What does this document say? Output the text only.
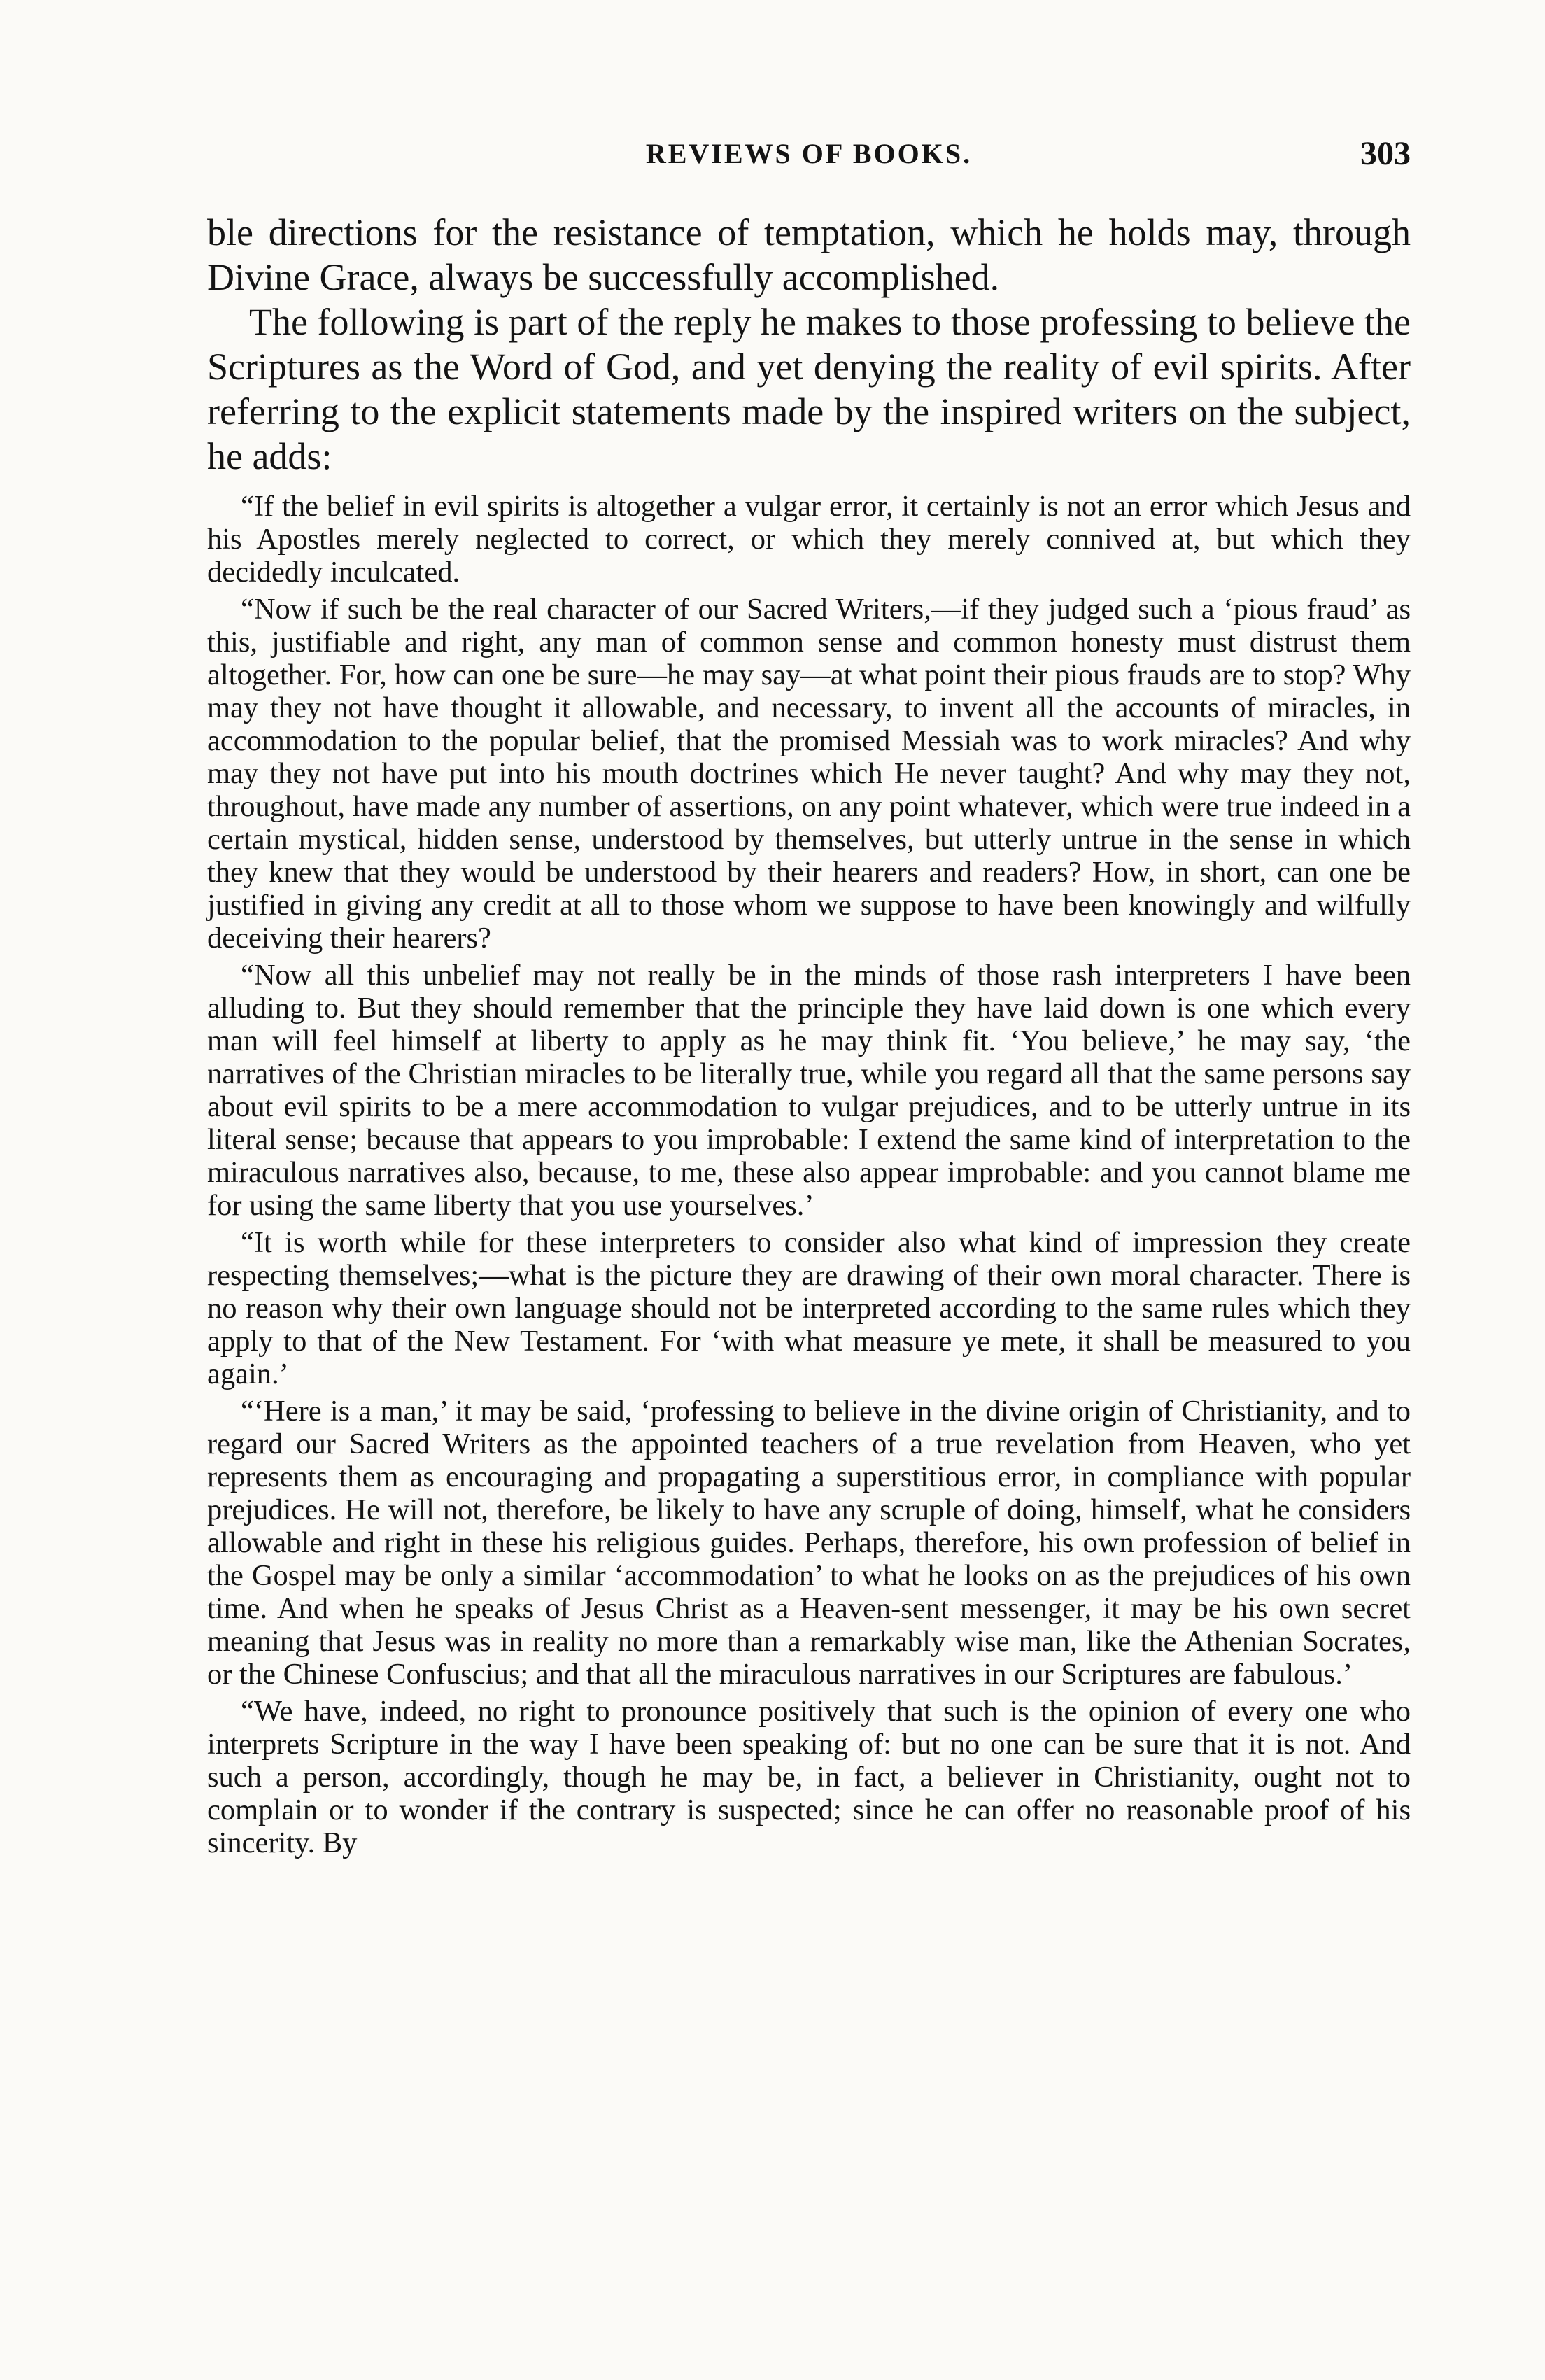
REVIEWS OF BOOKS.	303

ble directions for the resistance of temptation, which he holds may, through Divine Grace, always be successfully accomplished.

The following is part of the reply he makes to those professing to believe the Scriptures as the Word of God, and yet denying the reality of evil spirits. After referring to the explicit statements made by the inspired writers on the subject, he adds:

“If the belief in evil spirits is altogether a vulgar error, it certainly is not an error which Jesus and his Apostles merely neglected to correct, or which they merely connived at, but which they decidedly inculcated.

“Now if such be the real character of our Sacred Writers,—if they judged such a ‘pious fraud’ as this, justifiable and right, any man of common sense and common honesty must distrust them altogether. For, how can one be sure—he may say—at what point their pious frauds are to stop? Why may they not have thought it allowable, and necessary, to invent all the accounts of miracles, in accommodation to the popular belief, that the promised Messiah was to work miracles? And why may they not have put into his mouth doctrines which He never taught? And why may they not, throughout, have made any number of assertions, on any point whatever, which were true indeed in a certain mystical, hidden sense, understood by themselves, but utterly untrue in the sense in which they knew that they would be understood by their hearers and readers? How, in short, can one be justified in giving any credit at all to those whom we suppose to have been knowingly and wilfully deceiving their hearers?

“Now all this unbelief may not really be in the minds of those rash interpreters I have been alluding to. But they should remember that the principle they have laid down is one which every man will feel himself at liberty to apply as he may think fit. ‘You believe,’ he may say, ‘the narratives of the Christian miracles to be literally true, while you regard all that the same persons say about evil spirits to be a mere accommodation to vulgar prejudices, and to be utterly untrue in its literal sense; because that appears to you improbable: I extend the same kind of interpretation to the miraculous narratives also, because, to me, these also appear improbable: and you cannot blame me for using the same liberty that you use yourselves.’

“It is worth while for these interpreters to consider also what kind of impression they create respecting themselves;—what is the picture they are drawing of their own moral character. There is no reason why their own language should not be interpreted according to the same rules which they apply to that of the New Testament. For ‘with what measure ye mete, it shall be measured to you again.’

“‘Here is a man,’ it may be said, ‘professing to believe in the divine origin of Christianity, and to regard our Sacred Writers as the appointed teachers of a true revelation from Heaven, who yet represents them as encouraging and propagating a superstitious error, in compliance with popular prejudices. He will not, therefore, be likely to have any scruple of doing, himself, what he considers allowable and right in these his religious guides. Perhaps, therefore, his own profession of belief in the Gospel may be only a similar ‘accommodation’ to what he looks on as the prejudices of his own time. And when he speaks of Jesus Christ as a Heaven-sent messenger, it may be his own secret meaning that Jesus was in reality no more than a remarkably wise man, like the Athenian Socrates, or the Chinese Confuscius; and that all the miraculous narratives in our Scriptures are fabulous.’

“We have, indeed, no right to pronounce positively that such is the opinion of every one who interprets Scripture in the way I have been speaking of: but no one can be sure that it is not. And such a person, accordingly, though he may be, in fact, a believer in Christianity, ought not to complain or to wonder if the contrary is suspected; since he can offer no reasonable proof of his sincerity. By
